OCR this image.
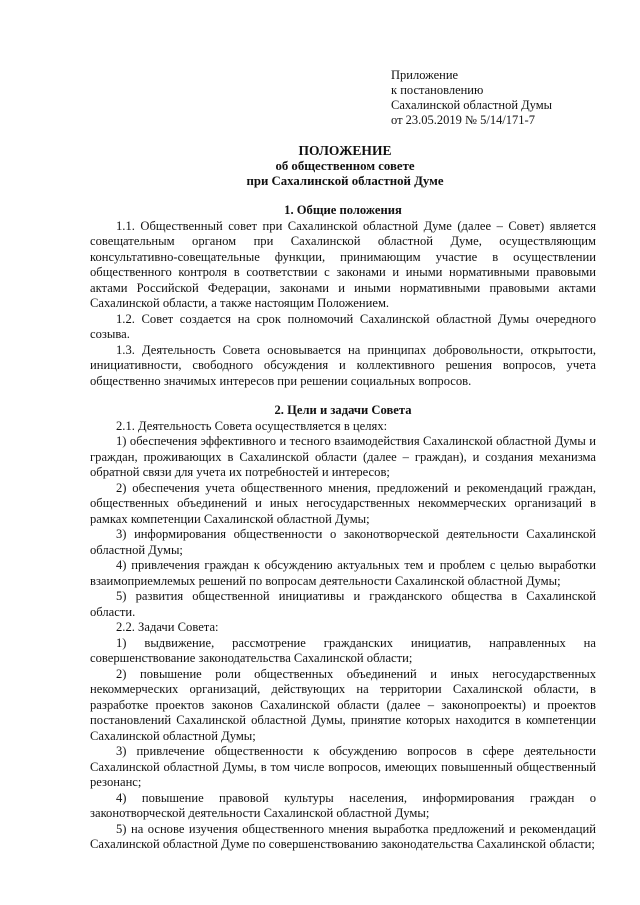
Приложение
к постановлению
Сахалинской областной Думы
от 23.05.2019 № 5/14/171-7
ПОЛОЖЕНИЕ
об общественном совете
при Сахалинской областной Думе

1. Общие положения

1.1. Общественный совет при Сахалинской областной Думе (далее – Совет) является совещательным органом при Сахалинской областной Думе, осуществляющим консультативно-совещательные функции, принимающим участие в осуществлении общественного контроля в соответствии с законами и иными нормативными правовыми актами Российской Федерации, законами и иными нормативными правовыми актами Сахалинской области, а также настоящим Положением.

1.2. Совет создается на срок полномочий Сахалинской областной Думы очередного созыва.

1.3. Деятельность Совета основывается на принципах добровольности, открытости, инициативности, свободного обсуждения и коллективного решения вопросов, учета общественно значимых интересов при решении социальных вопросов.

2. Цели и задачи Совета

2.1. Деятельность Совета осуществляется в целях:

1) обеспечения эффективного и тесного взаимодействия Сахалинской областной Думы и граждан, проживающих в Сахалинской области (далее – граждан), и создания механизма обратной связи для учета их потребностей и интересов;

2) обеспечения учета общественного мнения, предложений и рекомендаций граждан, общественных объединений и иных негосударственных некоммерческих организаций в рамках компетенции Сахалинской областной Думы;

3) информирования общественности о законотворческой деятельности Сахалинской областной Думы;

4) привлечения граждан к обсуждению актуальных тем и проблем с целью выработки взаимоприемлемых решений по вопросам деятельности Сахалинской областной Думы;

5) развития общественной инициативы и гражданского общества в Сахалинской области.

2.2. Задачи Совета:

1) выдвижение, рассмотрение гражданских инициатив, направленных на совершенствование законодательства Сахалинской области;

2) повышение роли общественных объединений и иных негосударственных некоммерческих организаций, действующих на территории Сахалинской области, в разработке проектов законов Сахалинской области (далее – законопроекты) и проектов постановлений Сахалинской областной Думы, принятие которых находится в компетенции Сахалинской областной Думы;

3) привлечение общественности к обсуждению вопросов в сфере деятельности Сахалинской областной Думы, в том числе вопросов, имеющих повышенный общественный резонанс;

4) повышение правовой культуры населения, информирования граждан о законотворческой деятельности Сахалинской областной Думы;

5) на основе изучения общественного мнения выработка предложений и рекомендаций Сахалинской областной Думе по совершенствованию законодательства Сахалинской области;
